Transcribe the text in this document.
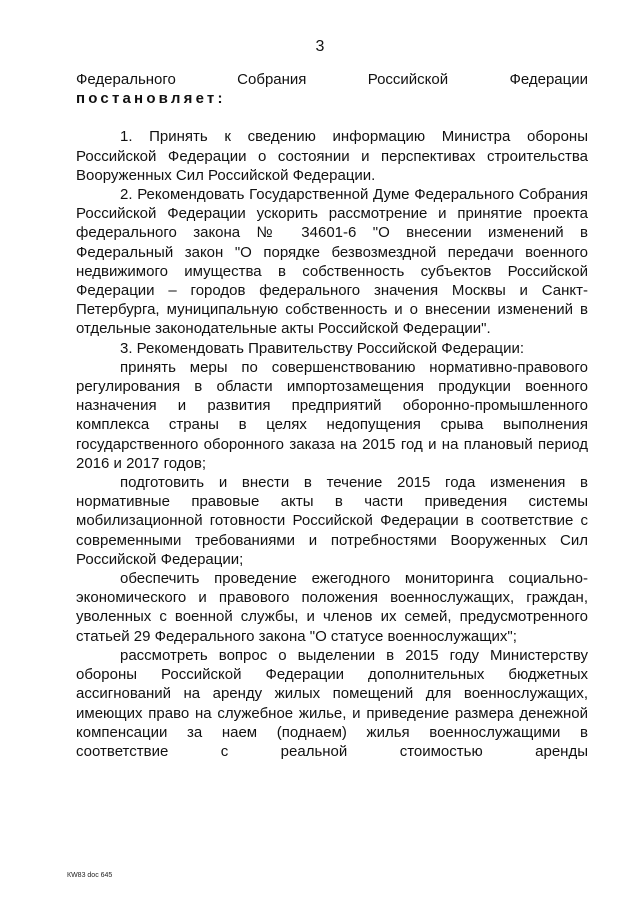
3
Федерального Собрания Российской Федерации
постановляет:

1. Принять к сведению информацию Министра обороны Российской Федерации о состоянии и перспективах строительства Вооруженных Сил Российской Федерации.

2. Рекомендовать Государственной Думе Федерального Собрания Российской Федерации ускорить рассмотрение и принятие проекта федерального закона № 34601-6 "О внесении изменений в Федеральный закон "О порядке безвозмездной передачи военного недвижимого имущества в собственность субъектов Российской Федерации – городов федерального значения Москвы и Санкт-Петербурга, муниципальную собственность и о внесении изменений в отдельные законодательные акты Российской Федерации".

3. Рекомендовать Правительству Российской Федерации:

принять меры по совершенствованию нормативно-правового регулирования в области импортозамещения продукции военного назначения и развития предприятий оборонно-промышленного комплекса страны в целях недопущения срыва выполнения государственного оборонного заказа на 2015 год и на плановый период 2016 и 2017 годов;

подготовить и внести в течение 2015 года изменения в нормативные правовые акты в части приведения системы мобилизационной готовности Российской Федерации в соответствие с современными требованиями и потребностями Вооруженных Сил Российской Федерации;

обеспечить проведение ежегодного мониторинга социально-экономического и правового положения военнослужащих, граждан, уволенных с военной службы, и членов их семей, предусмотренного статьей 29 Федерального закона "О статусе военнослужащих";

рассмотреть вопрос о выделении в 2015 году Министерству обороны Российской Федерации дополнительных бюджетных ассигнований на аренду жилых помещений для военнослужащих, имеющих право на служебное жилье, и приведение размера денежной компенсации за наем (поднаем) жилья военнослужащими в соответствие с реальной стоимостью аренды

КW83 doc 645
